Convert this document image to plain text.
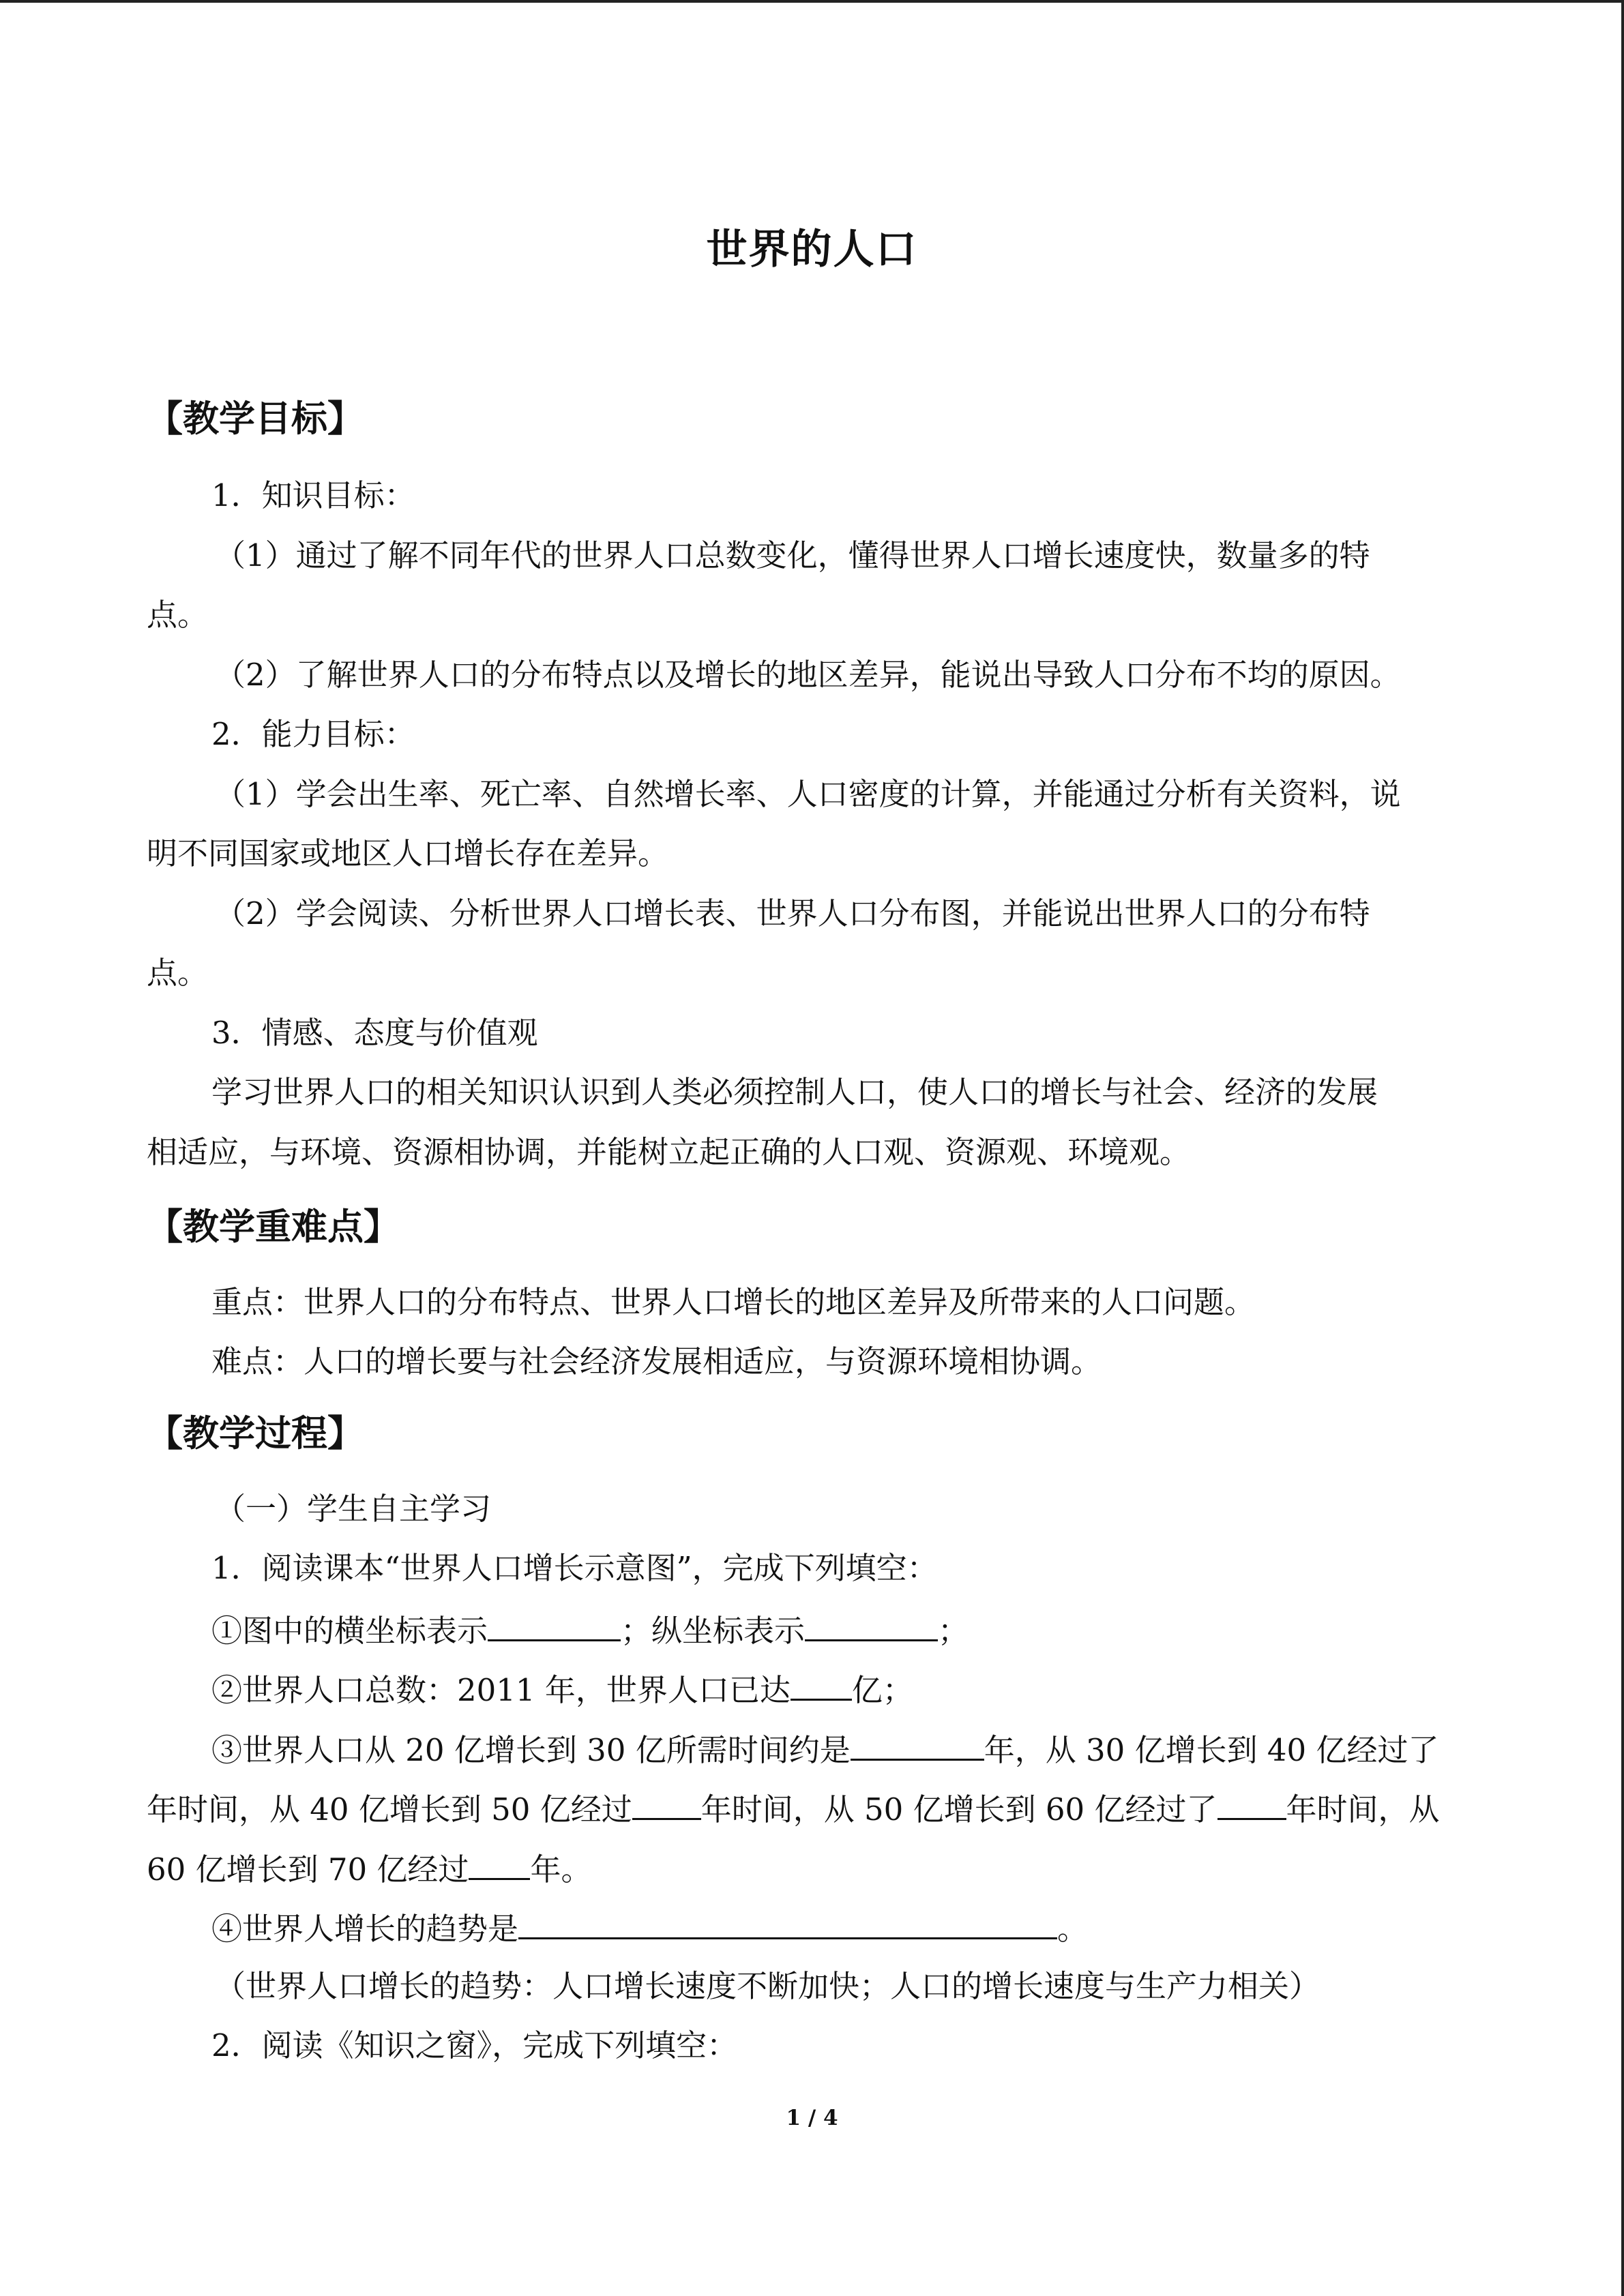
世界的人口
【教学目标】
1．知识目标：
（1）通过了解不同年代的世界人口总数变化，懂得世界人口增长速度快，数量多的特
点。
（2）了解世界人口的分布特点以及增长的地区差异，能说出导致人口分布不均的原因。
2．能力目标：
（1）学会出生率、死亡率、自然增长率、人口密度的计算，并能通过分析有关资料，说
明不同国家或地区人口增长存在差异。
（2）学会阅读、分析世界人口增长表、世界人口分布图，并能说出世界人口的分布特
点。
3．情感、态度与价值观
学习世界人口的相关知识认识到人类必须控制人口，使人口的增长与社会、经济的发展
相适应，与环境、资源相协调，并能树立起正确的人口观、资源观、环境观。
【教学重难点】
重点：世界人口的分布特点、世界人口增长的地区差异及所带来的人口问题。
难点：人口的增长要与社会经济发展相适应，与资源环境相协调。
【教学过程】
（一）学生自主学习
1．阅读课本“世界人口增长示意图”，完成下列填空：
①图中的横坐标表示	；纵坐标表示	；
②世界人口总数：2011 年，世界人口已达 亿；
③世界人口从 20 亿增长到 30 亿所需时间约是	年，从 30 亿增长到 40 亿经过了
年时间，从 40 亿增长到 50 亿经过 年时间，从 50 亿增长到 60 亿经过了 年时间，从
60 亿增长到 70 亿经过 年。
④世界人增长的趋势是	。
（世界人口增长的趋势：人口增长速度不断加快；人口的增长速度与生产力相关）
2．阅读《知识之窗》，完成下列填空：
1 / 4
